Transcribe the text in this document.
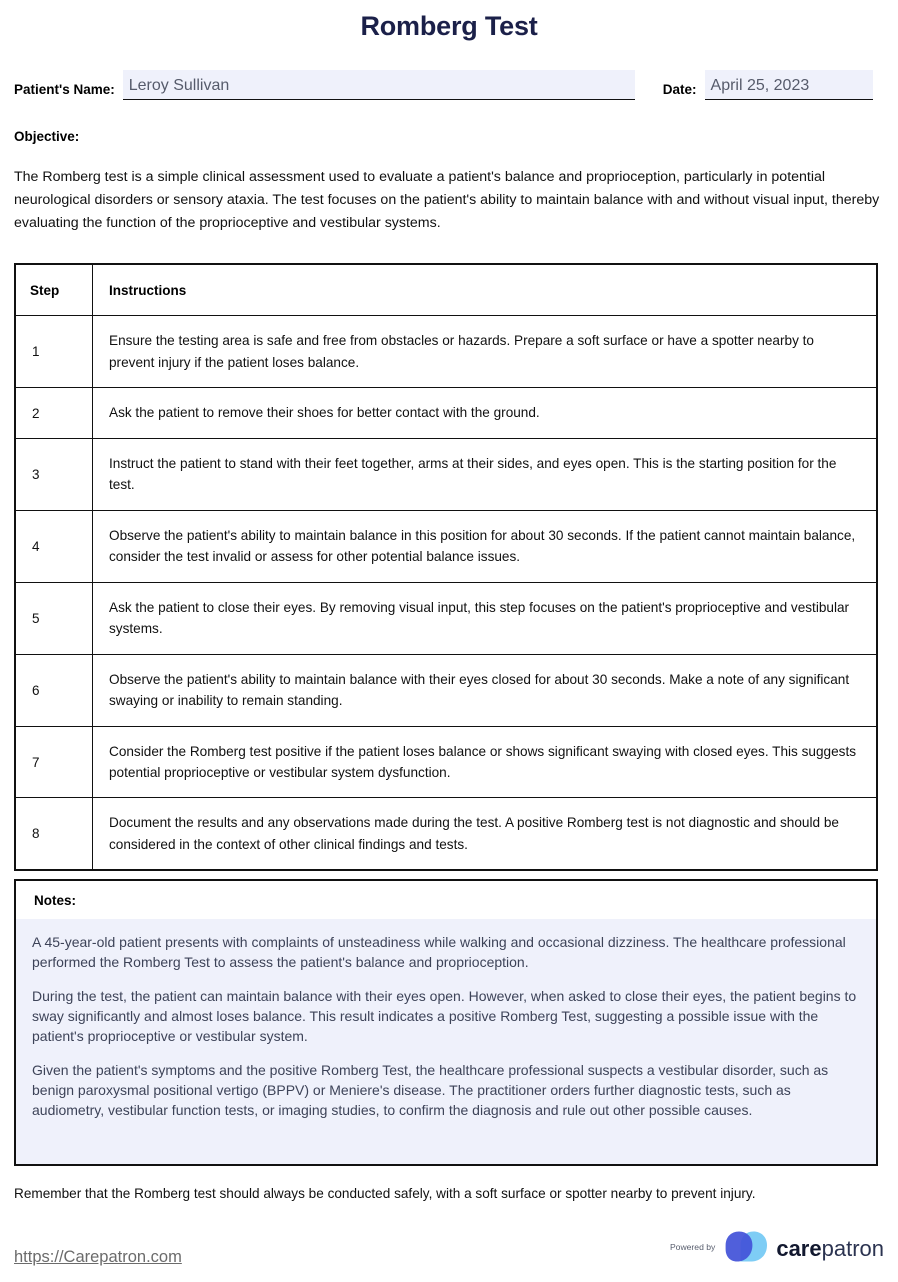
Romberg Test
Patient's Name: Leroy Sullivan	Date: April 25, 2023
Objective:
The Romberg test is a simple clinical assessment used to evaluate a patient's balance and proprioception, particularly in potential neurological disorders or sensory ataxia. The test focuses on the patient's ability to maintain balance with and without visual input, thereby evaluating the function of the proprioceptive and vestibular systems.
Step	Instructions
1	Ensure the testing area is safe and free from obstacles or hazards. Prepare a soft surface or have a spotter nearby to prevent injury if the patient loses balance.
2	Ask the patient to remove their shoes for better contact with the ground.
3	Instruct the patient to stand with their feet together, arms at their sides, and eyes open. This is the starting position for the test.
4	Observe the patient's ability to maintain balance in this position for about 30 seconds. If the patient cannot maintain balance, consider the test invalid or assess for other potential balance issues.
5	Ask the patient to close their eyes. By removing visual input, this step focuses on the patient's proprioceptive and vestibular systems.
6	Observe the patient's ability to maintain balance with their eyes closed for about 30 seconds. Make a note of any significant swaying or inability to remain standing.
7	Consider the Romberg test positive if the patient loses balance or shows significant swaying with closed eyes. This suggests potential proprioceptive or vestibular system dysfunction.
8	Document the results and any observations made during the test. A positive Romberg test is not diagnostic and should be considered in the context of other clinical findings and tests.
Notes:

A 45-year-old patient presents with complaints of unsteadiness while walking and occasional dizziness. The healthcare professional performed the Romberg Test to assess the patient's balance and proprioception.

During the test, the patient can maintain balance with their eyes open. However, when asked to close their eyes, the patient begins to sway significantly and almost loses balance. This result indicates a positive Romberg Test, suggesting a possible issue with the patient's proprioceptive or vestibular system.

Given the patient's symptoms and the positive Romberg Test, the healthcare professional suspects a vestibular disorder, such as benign paroxysmal positional vertigo (BPPV) or Meniere's disease. The practitioner orders further diagnostic tests, such as audiometry, vestibular function tests, or imaging studies, to confirm the diagnosis and rule out other possible causes.

Remember that the Romberg test should always be conducted safely, with a soft surface or spotter nearby to prevent injury.
https://Carepatron.com
Powered by	carepatron
